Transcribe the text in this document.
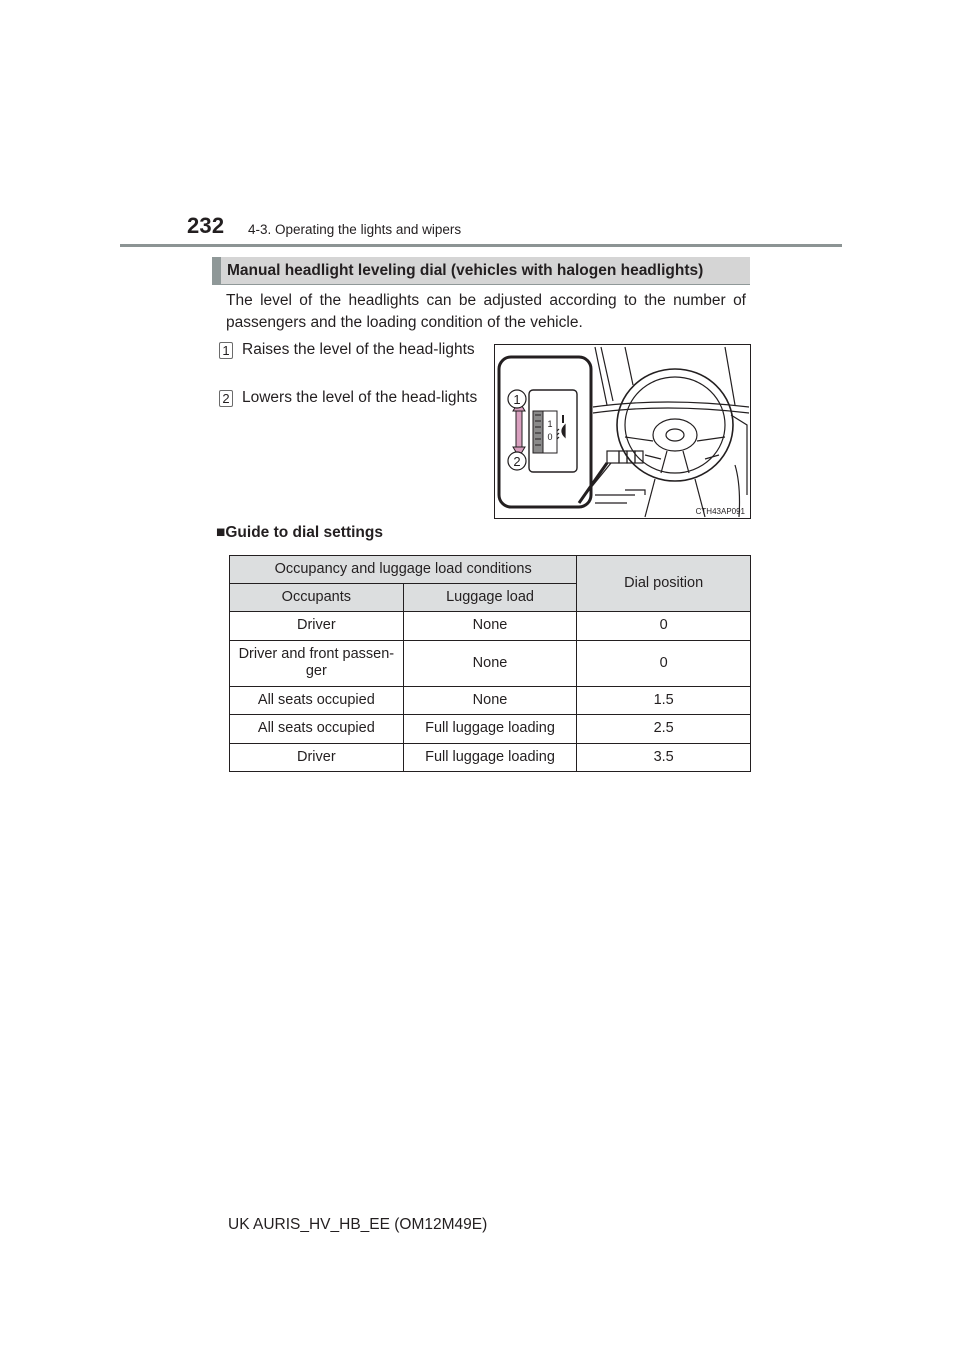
232 4-3. Operating the lights and wipers
Manual headlight leveling dial (vehicles with halogen headlights)
The level of the headlights can be adjusted according to the number of passengers and the loading condition of the vehicle.
1 Raises the level of the head-lights
2 Lowers the level of the head-lights
1
0
1
2
CTH43AP091
■Guide to dial settings
Occupancy and luggage load conditions		Dial position
Occupants	Luggage load	
Driver	None	0
Driver and front passen-ger	None	0
All seats occupied	None	1.5
All seats occupied	Full luggage loading	2.5
Driver	Full luggage loading	3.5
UK AURIS_HV_HB_EE (OM12M49E)
